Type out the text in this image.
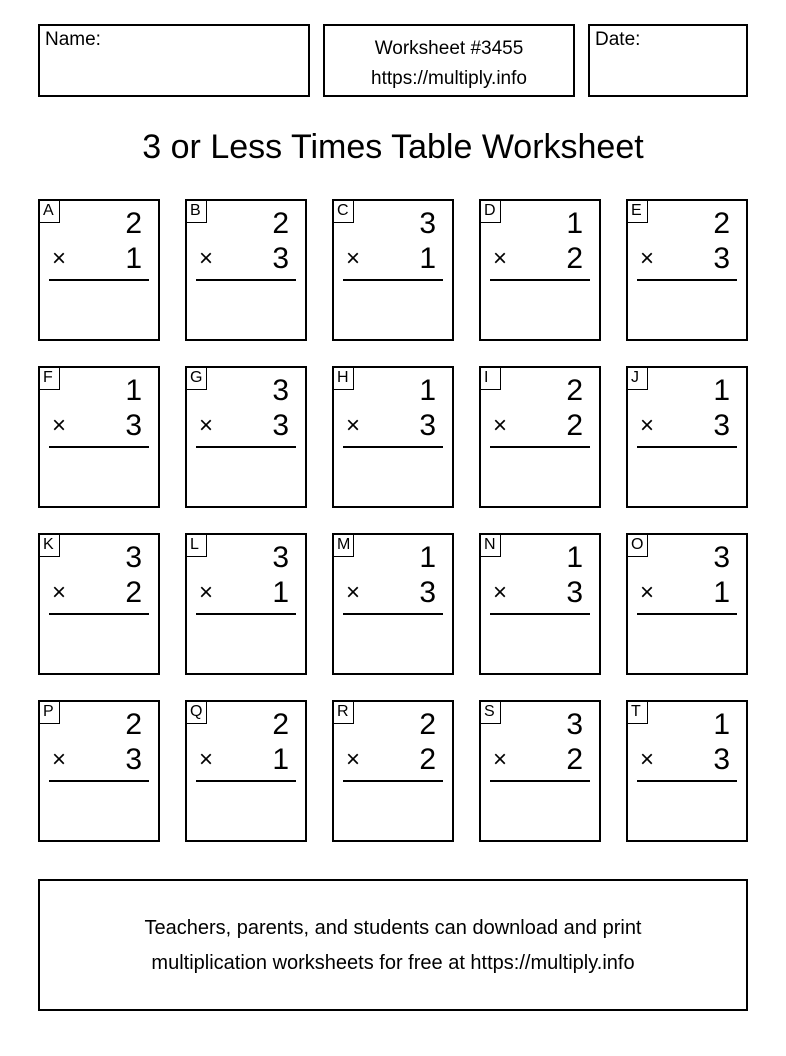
Name:	Worksheet #3455
https://multiply.info
Date:
3 or Less Times Table Worksheet
A 2
× 1
B 2
× 3
C 3
× 1
D 1
× 2
E 2
× 3
F 1
× 3
G 3
× 3
H 1
× 3
I	2
× 2
J	1
× 3
K 3
× 2
L 3
× 1
M 1
× 3
N 1
× 3
O 3
× 1
P 2
× 3
Q 2
× 1
R 2
× 2
S 3
× 2
T 1
× 3
Teachers, parents, and students can download and print
multiplication worksheets for free at https://multiply.info
